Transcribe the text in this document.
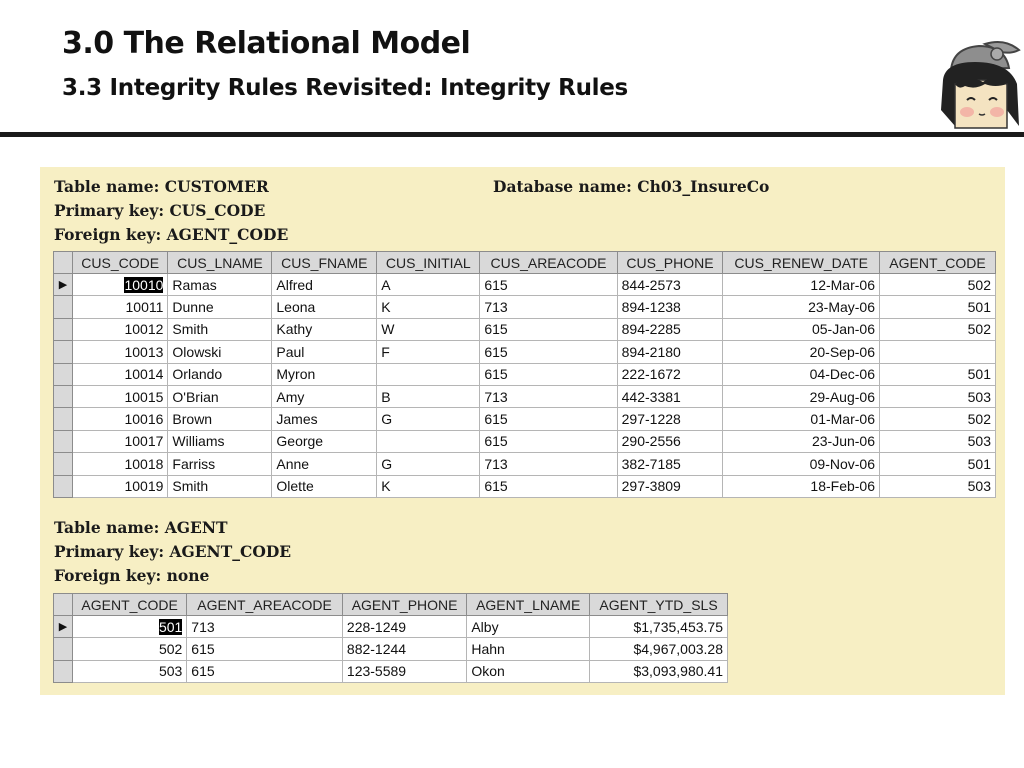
3.0 The Relational Model
3.3 Integrity Rules Revisited: Integrity Rules
Table name: CUSTOMER
Primary key: CUS_CODE
Foreign key: AGENT_CODE
Database name: Ch03_InsureCo
	CUS_CODE	CUS_LNAME	CUS_FNAME	CUS_INITIAL	CUS_AREACODE	CUS_PHONE	CUS_RENEW_DATE	AGENT_CODE
▶	10010	Ramas	Alfred	A	615	844-2573	12-Mar-06	502
	10011	Dunne	Leona	K	713	894-1238	23-May-06	501
	10012	Smith	Kathy	W	615	894-2285	05-Jan-06	502
	10013	Olowski	Paul	F	615	894-2180	20-Sep-06	
	10014	Orlando	Myron		615	222-1672	04-Dec-06	501
	10015	O'Brian	Amy	B	713	442-3381	29-Aug-06	503
	10016	Brown	James	G	615	297-1228	01-Mar-06	502
	10017	Williams	George		615	290-2556	23-Jun-06	503
	10018	Farriss	Anne	G	713	382-7185	09-Nov-06	501
	10019	Smith	Olette	K	615	297-3809	18-Feb-06	503
Table name: AGENT
Primary key: AGENT_CODE
Foreign key: none
	AGENT_CODE	AGENT_AREACODE	AGENT_PHONE	AGENT_LNAME	AGENT_YTD_SLS
▶	501	713	228-1249	Alby	$1,735,453.75
	502	615	882-1244	Hahn	$4,967,003.28
	503	615	123-5589	Okon	$3,093,980.41
